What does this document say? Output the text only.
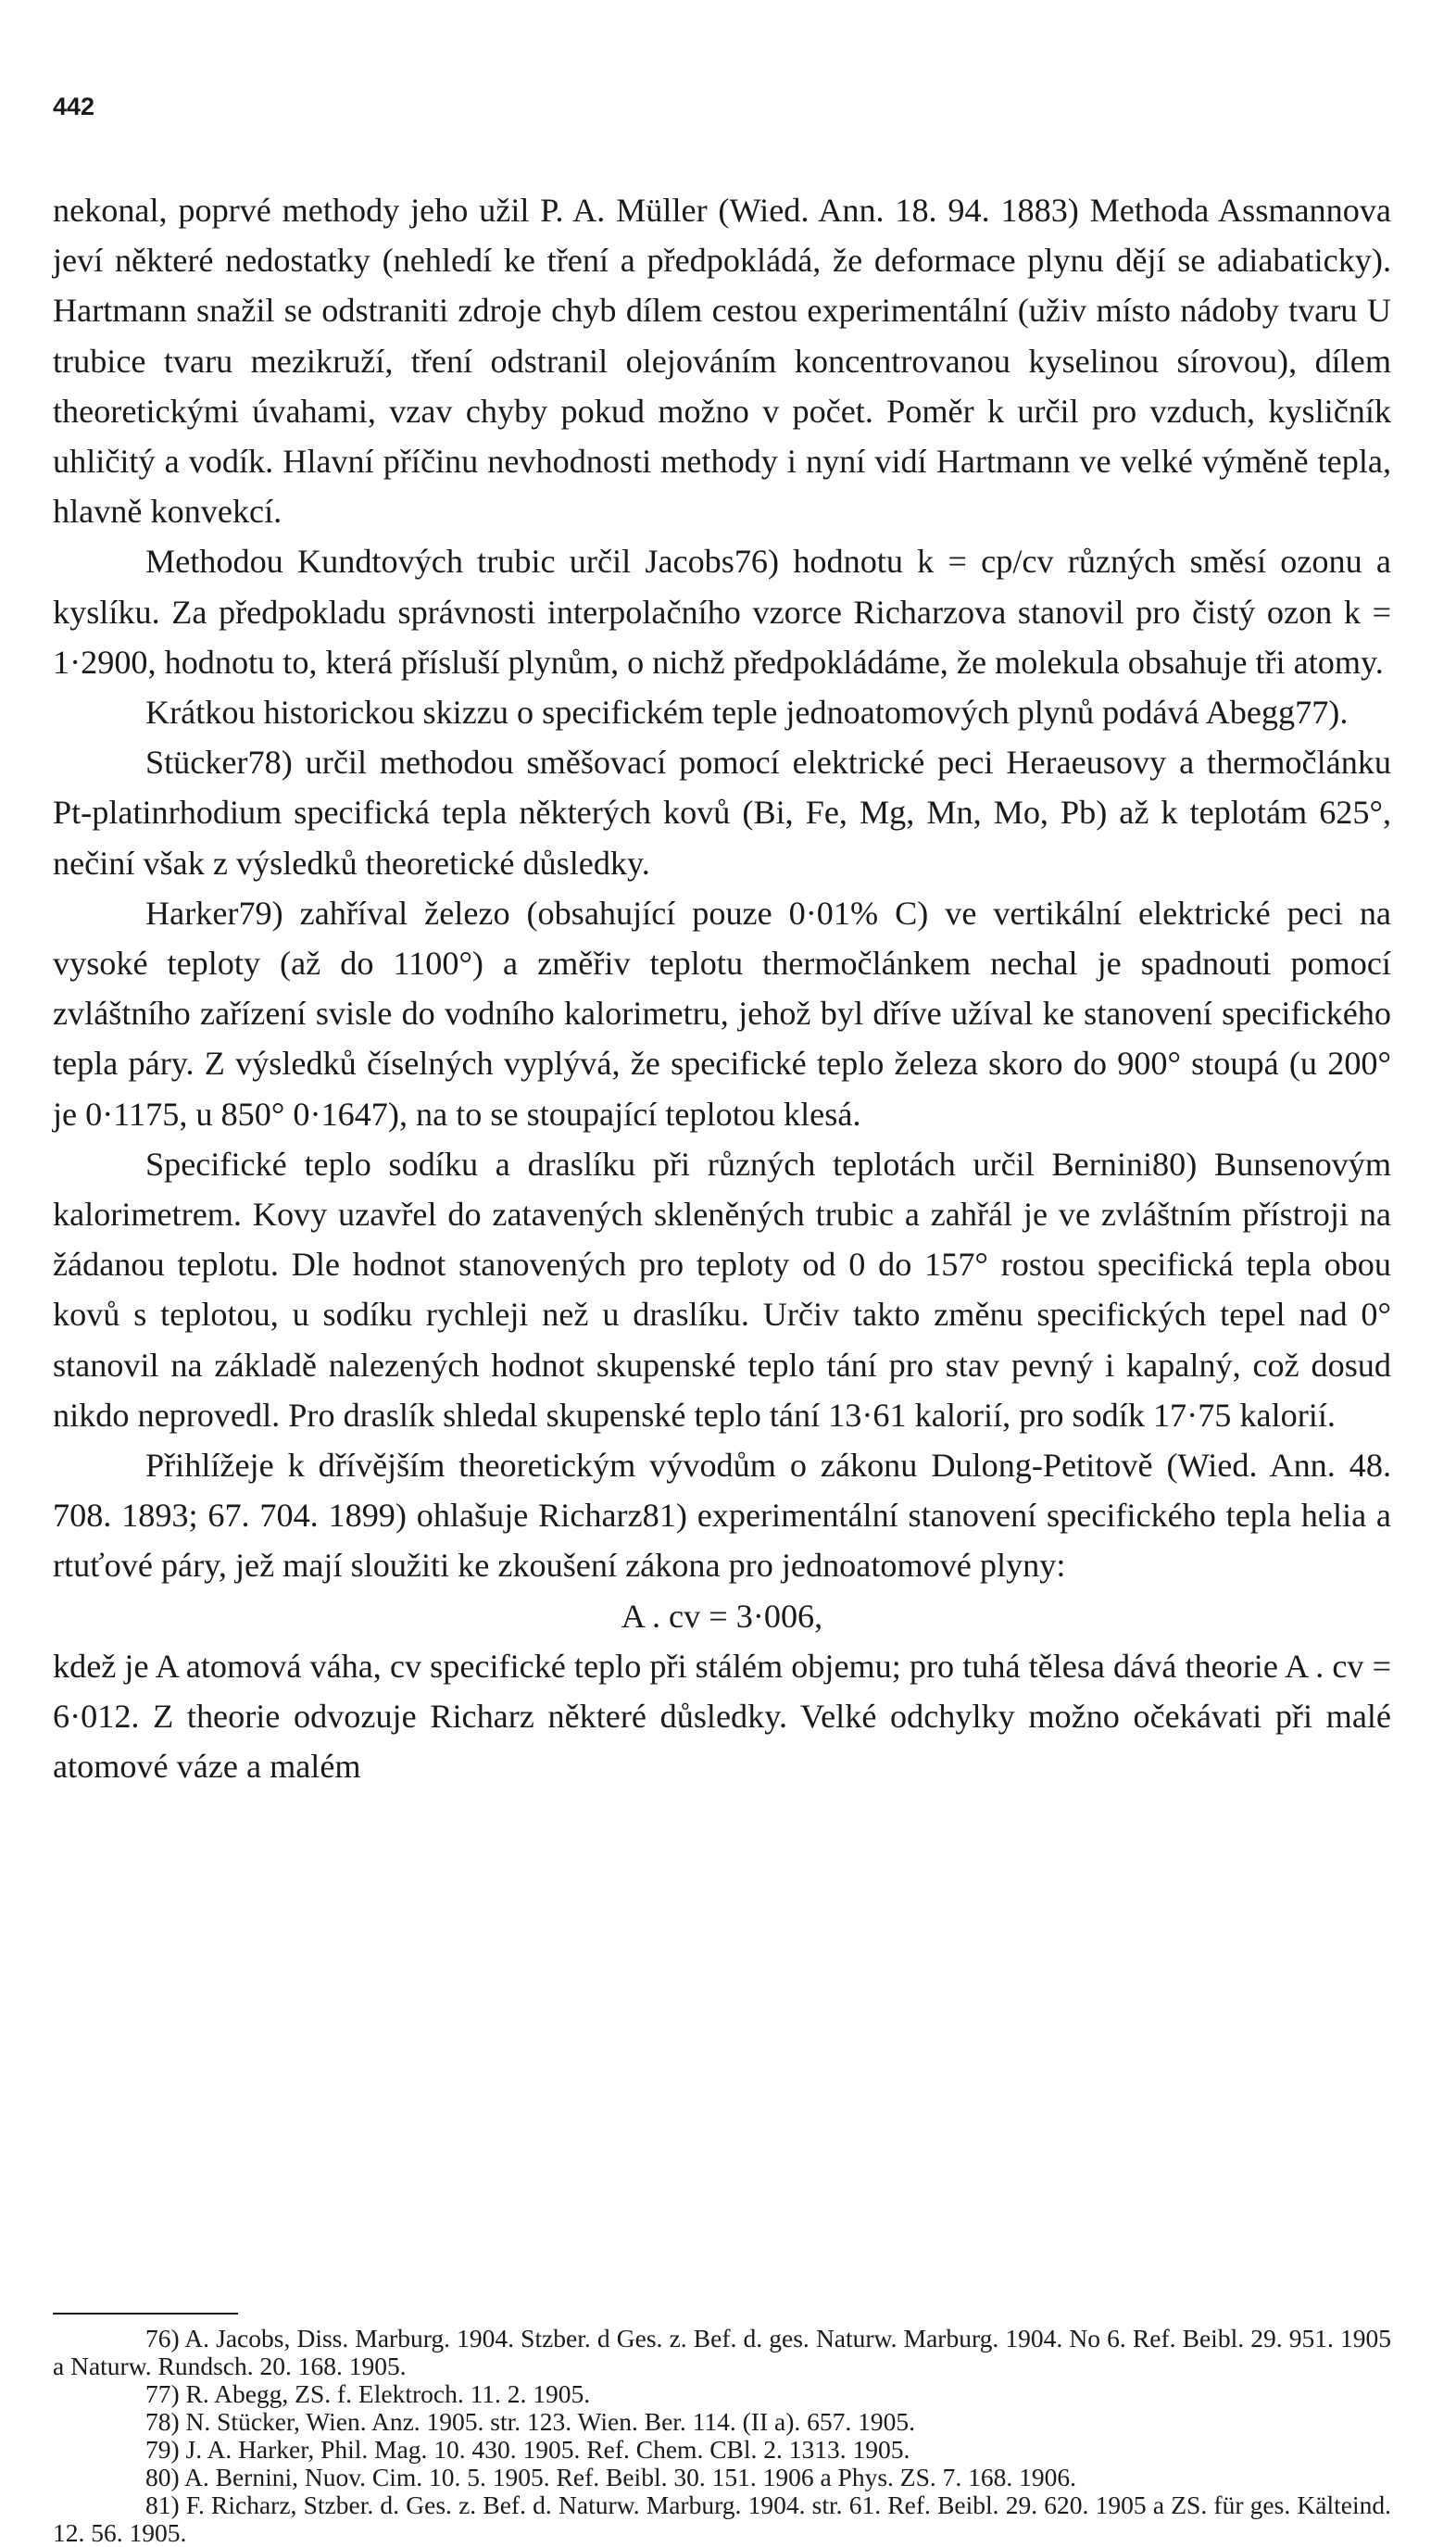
442

nekonal, poprvé methody jeho užil P. A. Müller (Wied. Ann. 18. 94. 1883) Methoda Assmannova jeví některé nedostatky (nehledí ke tření a předpokládá, že deformace plynu dějí se adiabaticky). Hartmann snažil se odstraniti zdroje chyb dílem cestou experimentální (uživ místo nádoby tvaru U trubice tvaru mezikruží, tření odstranil olejováním koncentrovanou kyselinou sírovou), dílem theoretickými úvahami, vzav chyby pokud možno v počet. Poměr k určil pro vzduch, kysličník uhličitý a vodík. Hlavní příčinu nevhodnosti methody i nyní vidí Hartmann ve velké výměně tepla, hlavně konvekcí.

Methodou Kundtových trubic určil Jacobs76) hodnotu k = cp/cv různých směsí ozonu a kyslíku. Za předpokladu správnosti interpolačního vzorce Richarzova stanovil pro čistý ozon k = 1·2900, hodnotu to, která přísluší plynům, o nichž předpokládáme, že molekula obsahuje tři atomy.

Krátkou historickou skizzu o specifickém teple jednoatomových plynů podává Abegg77).

Stücker78) určil methodou směšovací pomocí elektrické peci Heraeusovy a thermočlánku Pt-platinrhodium specifická tepla některých kovů (Bi, Fe, Mg, Mn, Mo, Pb) až k teplotám 625°, nečiní však z výsledků theoretické důsledky.

Harker79) zahříval železo (obsahující pouze 0·01% C) ve vertikální elektrické peci na vysoké teploty (až do 1100°) a změřiv teplotu thermočlánkem nechal je spadnouti pomocí zvláštního zařízení svisle do vodního kalorimetru, jehož byl dříve užíval ke stanovení specifického tepla páry. Z výsledků číselných vyplývá, že specifické teplo železa skoro do 900° stoupá (u 200° je 0·1175, u 850° 0·1647), na to se stoupající teplotou klesá.

Specifické teplo sodíku a draslíku při různých teplotách určil Bernini80) Bunsenovým kalorimetrem. Kovy uzavřel do zatavených skleněných trubic a zahřál je ve zvláštním přístroji na žádanou teplotu. Dle hodnot stanovených pro teploty od 0 do 157° rostou specifická tepla obou kovů s teplotou, u sodíku rychleji než u draslíku. Určiv takto změnu specifických tepel nad 0° stanovil na základě nalezených hodnot skupenské teplo tání pro stav pevný i kapalný, což dosud nikdo neprovedl. Pro draslík shledal skupenské teplo tání 13·61 kalorií, pro sodík 17·75 kalorií.

Přihlížeje k dřívějším theoretickým vývodům o zákonu Dulong-Petitově (Wied. Ann. 48. 708. 1893; 67. 704. 1899) ohlašuje Richarz81) experimentální stanovení specifického tepla helia a rtuťové páry, jež mají sloužiti ke zkoušení zákona pro jednoatomové plyny:

A . cv = 3·006,

kdež je A atomová váha, cv specifické teplo při stálém objemu; pro tuhá tělesa dává theorie A . cv = 6·012. Z theorie odvozuje Richarz některé důsledky. Velké odchylky možno očekávati při malé atomové váze a malém

76) A. Jacobs, Diss. Marburg. 1904. Stzber. d Ges. z. Bef. d. ges. Naturw. Marburg. 1904. No 6. Ref. Beibl. 29. 951. 1905 a Naturw. Rundsch. 20. 168. 1905.

77) R. Abegg, ZS. f. Elektroch. 11. 2. 1905.

78) N. Stücker, Wien. Anz. 1905. str. 123. Wien. Ber. 114. (II a). 657. 1905.

79) J. A. Harker, Phil. Mag. 10. 430. 1905. Ref. Chem. CBl. 2. 1313. 1905.

80) A. Bernini, Nuov. Cim. 10. 5. 1905. Ref. Beibl. 30. 151. 1906 a Phys. ZS. 7. 168. 1906.

81) F. Richarz, Stzber. d. Ges. z. Bef. d. Naturw. Marburg. 1904. str. 61. Ref. Beibl. 29. 620. 1905 a ZS. für ges. Kälteind. 12. 56. 1905.
